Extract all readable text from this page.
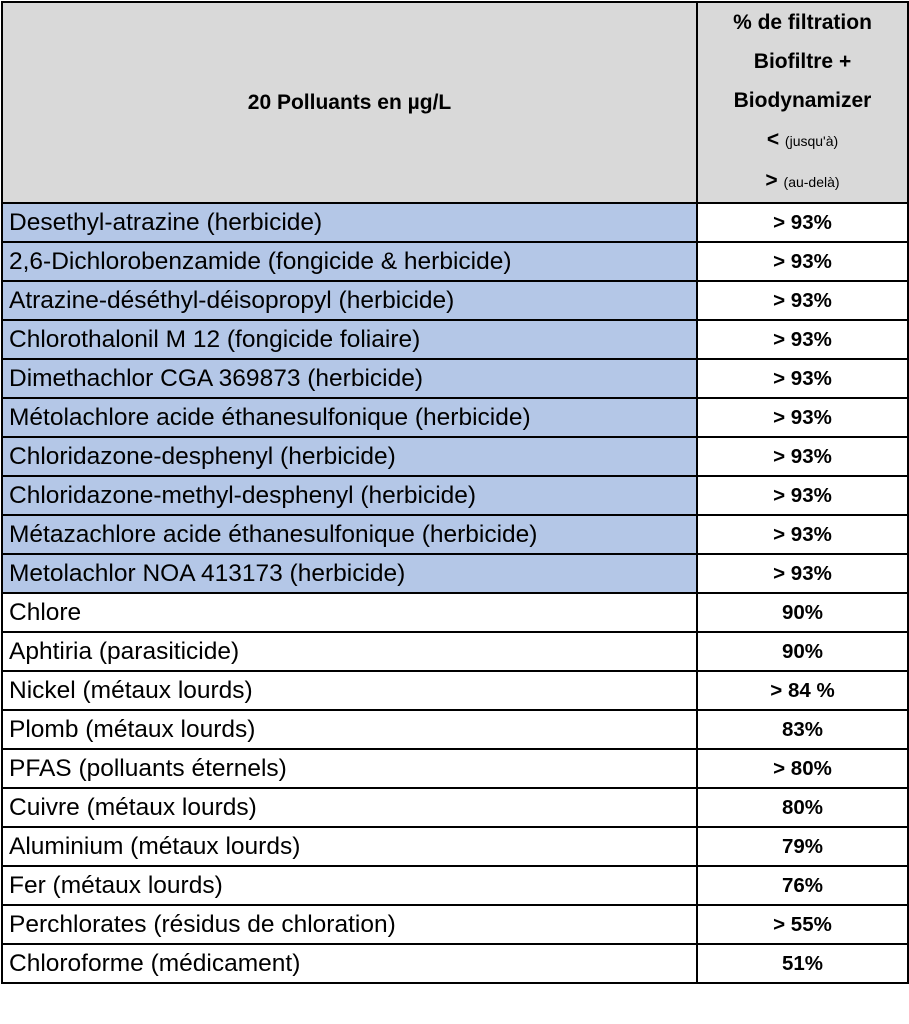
20 Polluants en µg/L	% de filtration
Biofiltre +
Biodynamizer
< (jusqu'à)
> (au-delà)

Desethyl-atrazine (herbicide)	> 93%
2,6-Dichlorobenzamide (fongicide & herbicide)	> 93%
Atrazine-déséthyl-déisopropyl (herbicide)	> 93%
Chlorothalonil M 12 (fongicide foliaire)	> 93%
Dimethachlor CGA 369873 (herbicide)	> 93%
Métolachlore acide éthanesulfonique (herbicide)	> 93%
Chloridazone-desphenyl (herbicide)	> 93%
Chloridazone-methyl-desphenyl (herbicide)	> 93%
Métazachlore acide éthanesulfonique (herbicide)	> 93%
Metolachlor NOA 413173 (herbicide)	> 93%
Chlore	90%
Aphtiria (parasiticide)	90%
Nickel (métaux lourds)	> 84 %
Plomb (métaux lourds)	83%
PFAS (polluants éternels)	> 80%
Cuivre (métaux lourds)	80%
Aluminium (métaux lourds)	79%
Fer (métaux lourds)	76%
Perchlorates (résidus de chloration)	> 55%
Chloroforme (médicament)	51%
